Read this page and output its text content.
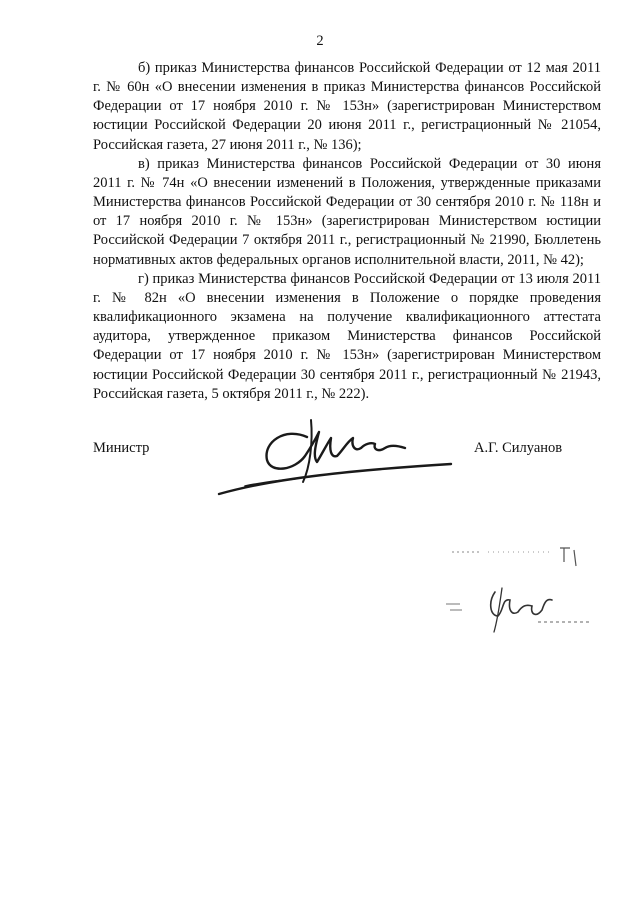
2

б) приказ Министерства финансов Российской Федерации от 12 мая 2011 г. № 60н «О внесении изменения в приказ Министерства финансов Российской Федерации от 17 ноября 2010 г. № 153н» (зарегистрирован Министерством юстиции Российской Федерации 20 июня 2011 г., регистрационный № 21054, Российская газета, 27 июня 2011 г., № 136);

в) приказ Министерства финансов Российской Федерации от 30 июня 2011 г. № 74н «О внесении изменений в Положения, утвержденные приказами Министерства финансов Российской Федерации от 30 сентября 2010 г. № 118н и от 17 ноября 2010 г. № 153н» (зарегистрирован Министерством юстиции Российской Федерации 7 октября 2011 г., регистрационный № 21990, Бюллетень нормативных актов федеральных органов исполнительной власти, 2011, № 42);

г) приказ Министерства финансов Российской Федерации от 13 июля 2011 г. № 82н «О внесении изменения в Положение о порядке проведения квалификационного экзамена на получение квалификационного аттестата аудитора, утвержденное приказом Министерства финансов Российской Федерации от 17 ноября 2010 г. № 153н» (зарегистрирован Министерством юстиции Российской Федерации 30 сентября 2011 г., регистрационный № 21943, Российская газета, 5 октября 2011 г., № 222).

Министр	А.Г. Силуанов
